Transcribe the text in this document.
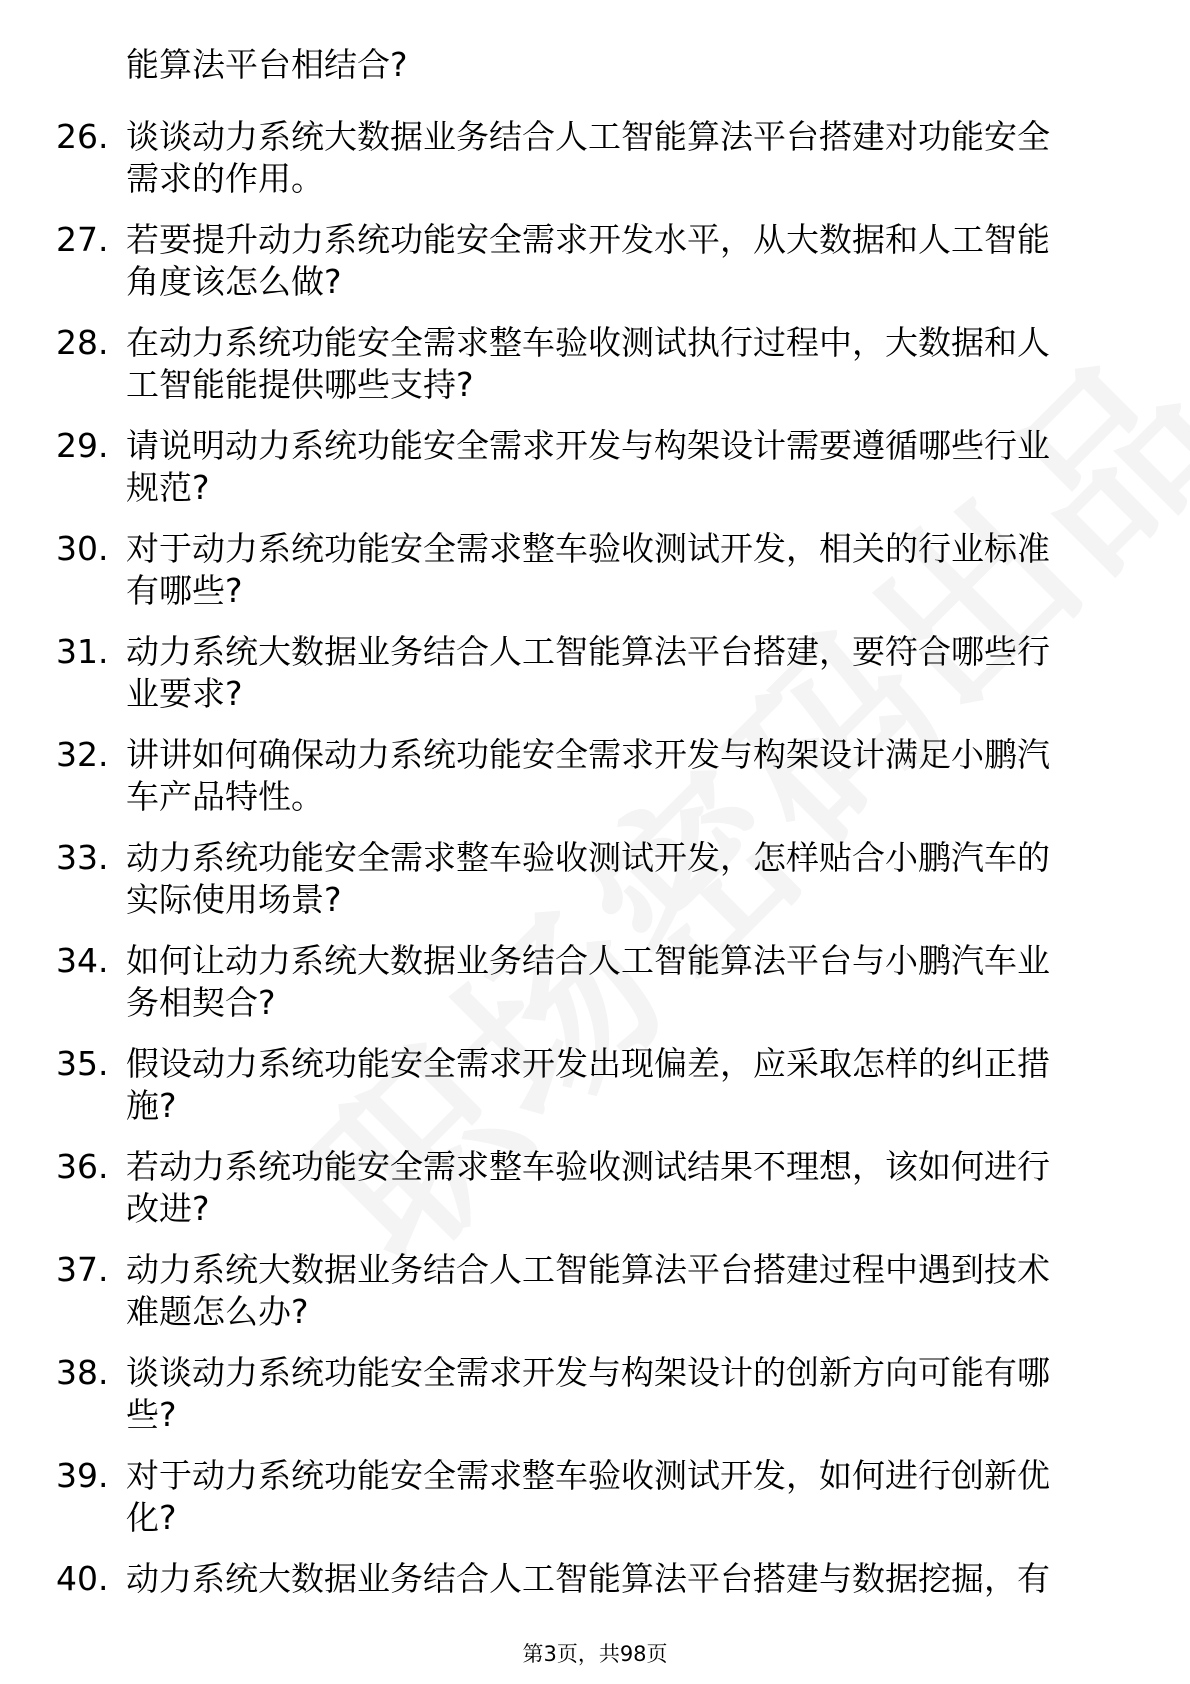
能算法平台相结合?
26. 谈谈动力系统大数据业务结合人工智能算法平台搭建对功能安全
需求的作用。
27. 若要提升动力系统功能安全需求开发水平，从大数据和人工智能
角度该怎么做?
28. 在动力系统功能安全需求整车验收测试执行过程中，大数据和人
工智能能提供哪些支持?
29. 请说明动力系统功能安全需求开发与构架设计需要遵循哪些行业
规范?
30. 对于动力系统功能安全需求整车验收测试开发，相关的行业标准
有哪些?
31. 动力系统大数据业务结合人工智能算法平台搭建，要符合哪些行
业要求?
32. 讲讲如何确保动力系统功能安全需求开发与构架设计满足小鹏汽
车产品特性。
33. 动力系统功能安全需求整车验收测试开发，怎样贴合小鹏汽车的
实际使用场景?
34. 如何让动力系统大数据业务结合人工智能算法平台与小鹏汽车业
务相契合?
35. 假设动力系统功能安全需求开发出现偏差，应采取怎样的纠正措
施?
36. 若动力系统功能安全需求整车验收测试结果不理想，该如何进行
改进?
37. 动力系统大数据业务结合人工智能算法平台搭建过程中遇到技术
难题怎么办?
38. 谈谈动力系统功能安全需求开发与构架设计的创新方向可能有哪
些?
39. 对于动力系统功能安全需求整车验收测试开发，如何进行创新优
化?
40. 动力系统大数据业务结合人工智能算法平台搭建与数据挖掘，有
第3页，共98页
